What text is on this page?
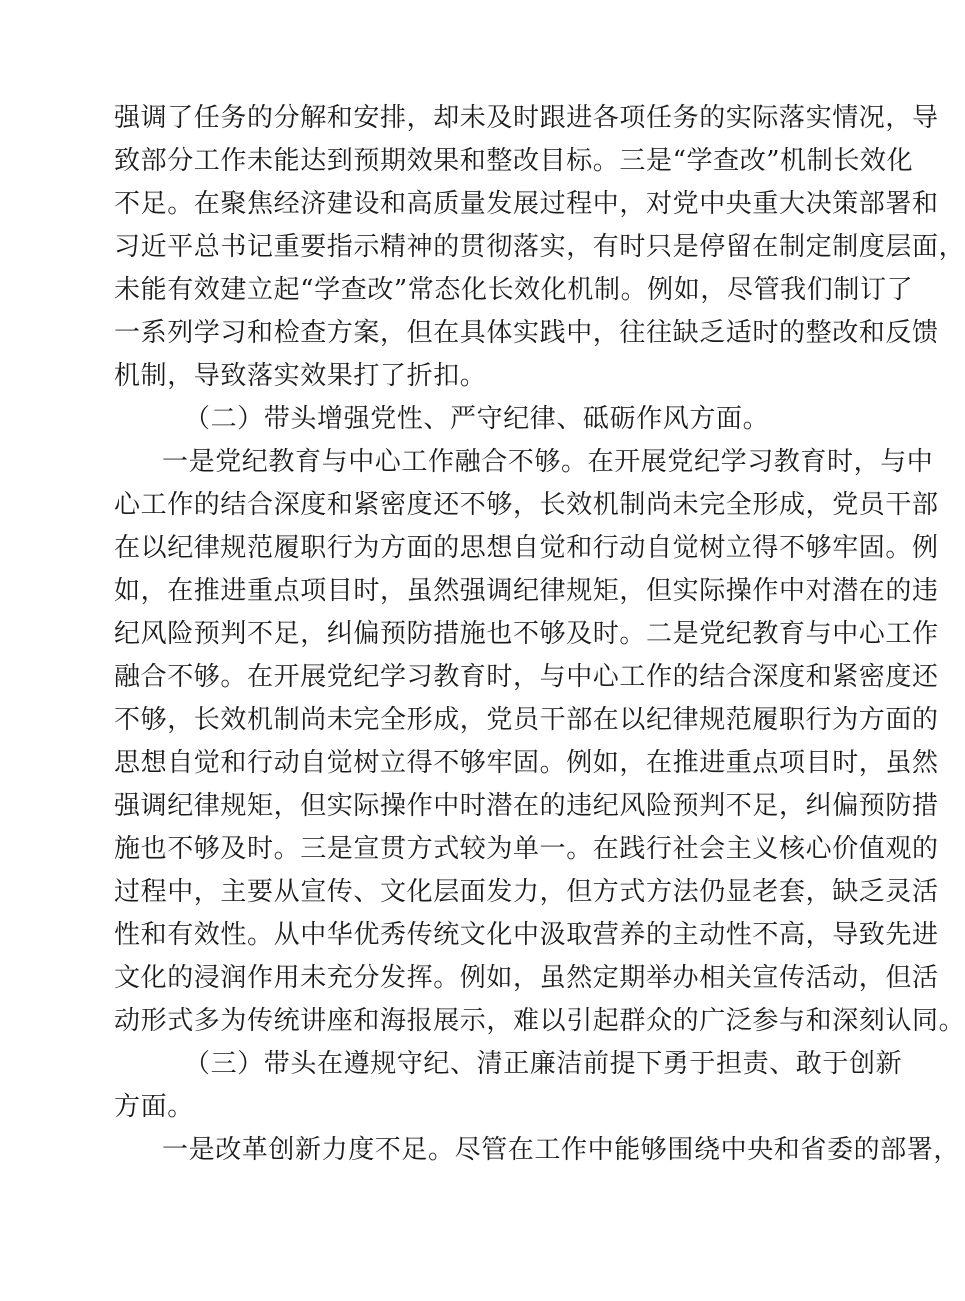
强调了任务的分解和安排，却未及时跟进各项任务的实际落实情况，导
致部分工作未能达到预期效果和整改目标。三是“学查改”机制长效化
不足。在聚焦经济建设和高质量发展过程中，对党中央重大决策部署和
习近平总书记重要指示精神的贯彻落实，有时只是停留在制定制度层面，
未能有效建立起“学查改”常态化长效化机制。例如，尽管我们制订了
一系列学习和检查方案，但在具体实践中，往往缺乏适时的整改和反馈
机制，导致落实效果打了折扣。
（二）带头增强党性、严守纪律、砥砺作风方面。
一是党纪教育与中心工作融合不够。在开展党纪学习教育时，与中
心工作的结合深度和紧密度还不够，长效机制尚未完全形成，党员干部
在以纪律规范履职行为方面的思想自觉和行动自觉树立得不够牢固。例
如，在推进重点项目时，虽然强调纪律规矩，但实际操作中对潜在的违
纪风险预判不足，纠偏预防措施也不够及时。二是党纪教育与中心工作
融合不够。在开展党纪学习教育时，与中心工作的结合深度和紧密度还
不够，长效机制尚未完全形成，党员干部在以纪律规范履职行为方面的
思想自觉和行动自觉树立得不够牢固。例如，在推进重点项目时，虽然
强调纪律规矩，但实际操作中时潜在的违纪风险预判不足，纠偏预防措
施也不够及时。三是宣贯方式较为单一。在践行社会主义核心价值观的
过程中，主要从宣传、文化层面发力，但方式方法仍显老套，缺乏灵活
性和有效性。从中华优秀传统文化中汲取营养的主动性不高，导致先进
文化的浸润作用未充分发挥。例如，虽然定期举办相关宣传活动，但活
动形式多为传统讲座和海报展示，难以引起群众的广泛参与和深刻认同。
（三）带头在遵规守纪、清正廉洁前提下勇于担责、敢于创新
方面。
一是改革创新力度不足。尽管在工作中能够围绕中央和省委的部署，
